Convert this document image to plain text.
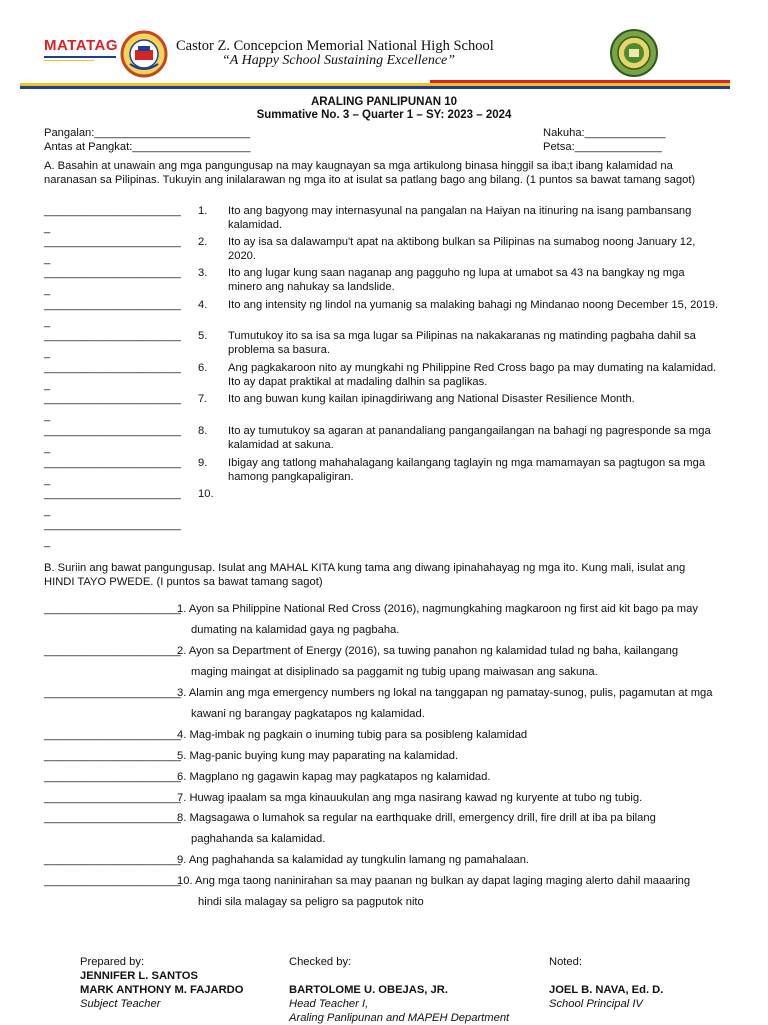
MATATAG	Castor Z. Concepcion Memorial National High School
“A Happy School Sustaining Excellence”
ARALING PANLIPUNAN 10
Summative No. 3 – Quarter 1 – SY: 2023 – 2024
Pangalan:_________________________
Antas at Pangkat:___________________
Nakuha:_____________
Petsa:______________
A. Basahin at unawain ang mga pangungusap na may kaugnayan sa mga artikulong binasa hinggil sa iba;t ibang kalamidad na
naranasan sa Pilipinas. Tukuyin ang inilalarawan ng mga ito at isulat sa patlang bago ang bilang. (1 puntos sa bawat tamang sagot)
______________________
_
1. Ito ang bagyong may internasyunal na pangalan na Haiyan na itinuring na isang pambansang
kalamidad.
______________________
_
2. Ito ay isa sa dalawampu't apat na aktibong bulkan sa Pilipinas na sumabog noong January 12,
2020.
______________________
_
3. Ito ang lugar kung saan naganap ang pagguho ng lupa at umabot sa 43 na bangkay ng mga
minero ang nahukay sa landslide.
______________________
_
4. Ito ang intensity ng lindol na yumanig sa malaking bahagi ng Mindanao noong December 15, 2019.
______________________
_
5. Tumutukoy ito sa isa sa mga lugar sa Pilipinas na nakakaranas ng matinding pagbaha dahil sa
problema sa basura.
______________________
_
6. Ang pagkakaroon nito ay mungkahi ng Philippine Red Cross bago pa may dumating na kalamidad.
Ito ay dapat praktikal at madaling dalhin sa paglikas.
______________________
_
7. Ito ang buwan kung kailan ipinagdiriwang ang National Disaster Resilience Month.
______________________
_
8. Ito ay tumutukoy sa agaran at panandaliang pangangailangan na bahagi ng pagresponde sa mga
kalamidad at sakuna.
______________________
_
9. Ibigay ang tatlong mahahalagang kailangang taglayin ng mga mamamayan sa pagtugon sa mga
hamong pangkapaligiran.
______________________
_
10.
______________________
_
B. Suriin ang bawat pangungusap. Isulat ang MAHAL KITA kung tama ang diwang ipinahahayag ng mga ito. Kung mali, isulat ang
HINDI TAYO PWEDE. (I puntos sa bawat tamang sagot)
______________________
1. Ayon sa Philippine National Red Cross (2016), nagmungkahing magkaroon ng first aid kit bago pa may
dumating na kalamidad gaya ng pagbaha.
______________________
2. Ayon sa Department of Energy (2016), sa tuwing panahon ng kalamidad tulad ng baha, kailangang
maging maingat at disiplinado sa paggamit ng tubig upang maiwasan ang sakuna.
______________________
3. Alamin ang mga emergency numbers ng lokal na tanggapan ng pamatay-sunog, pulis, pagamutan at mga
kawani ng barangay pagkatapos ng kalamidad.
______________________
4. Mag-imbak ng pagkain o inuming tubig para sa posibleng kalamidad
______________________
5. Mag-panic buying kung may paparating na kalamidad.
______________________
6. Magplano ng gagawin kapag may pagkatapos ng kalamidad.
______________________
7. Huwag ipaalam sa mga kinauukulan ang mga nasirang kawad ng kuryente at tubo ng tubig.
______________________
8. Magsagawa o lumahok sa regular na earthquake drill, emergency drill, fire drill at iba pa bilang
paghahanda sa kalamidad.
______________________
9. Ang paghahanda sa kalamidad ay tungkulin lamang ng pamahalaan.
______________________
10. Ang mga taong naninirahan sa may paanan ng bulkan ay dapat laging maging alerto dahil maaaring
hindi sila malagay sa peligro sa pagputok nito
Prepared by:
JENNIFER L. SANTOS
MARK ANTHONY M. FAJARDO
Subject Teacher
Checked by:
BARTOLOME U. OBEJAS, JR.
Head Teacher I,
Araling Panlipunan and MAPEH Department
Noted:
JOEL B. NAVA, Ed. D.
School Principal IV
